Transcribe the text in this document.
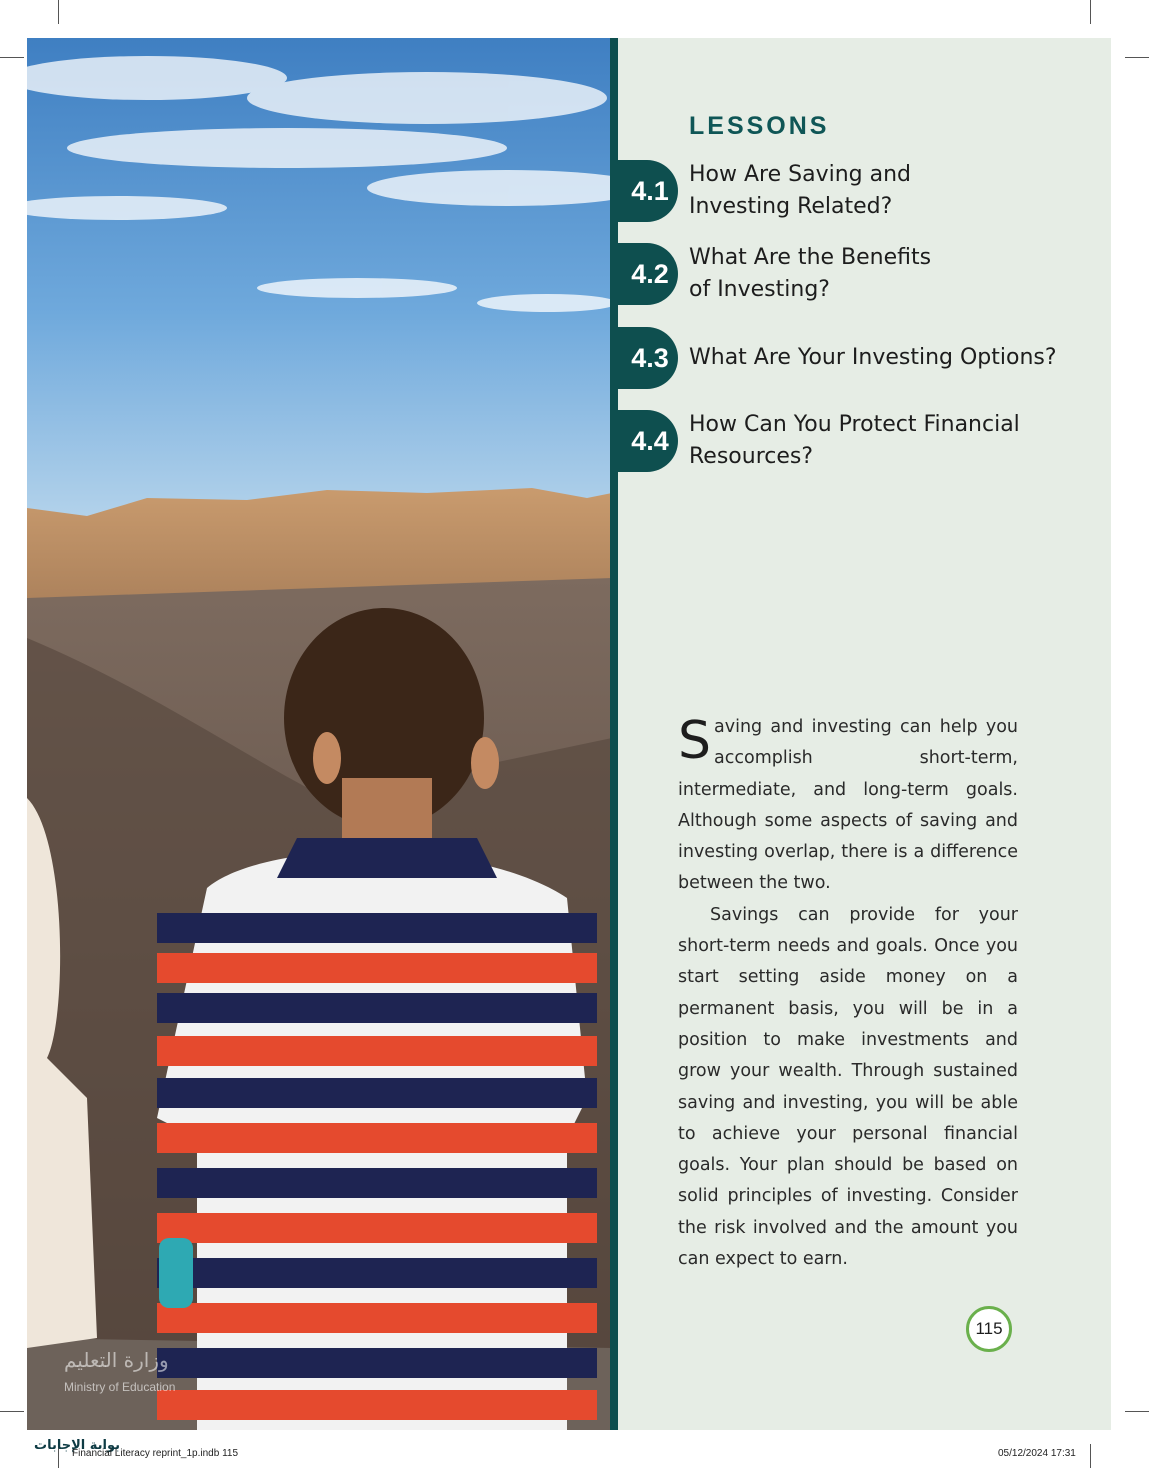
LESSONS
4.1
How Are Saving and
Investing Related?
4.2
What Are the Benefits
of Investing?
4.3 What Are Your Investing Options?
4.4
How Can You Protect Financial
Resources?

Saving and investing can help you accomplish short-term, intermediate, and long-term goals. Although some aspects of saving and investing overlap, there is a difference between the two.

Savings can provide for your short-term needs and goals. Once you start setting aside money on a permanent basis, you will be in a position to make investments and grow your wealth. Through sustained saving and investing, you will be able to achieve your personal financial goals. Your plan should be based on solid principles of investing. Consider the risk involved and the amount you can expect to earn.

115
وزارة التعليم
Ministry of Education
بوابة الإجابات
Financial Literacy reprint_1p.indb 115	05/12/2024 17:31
